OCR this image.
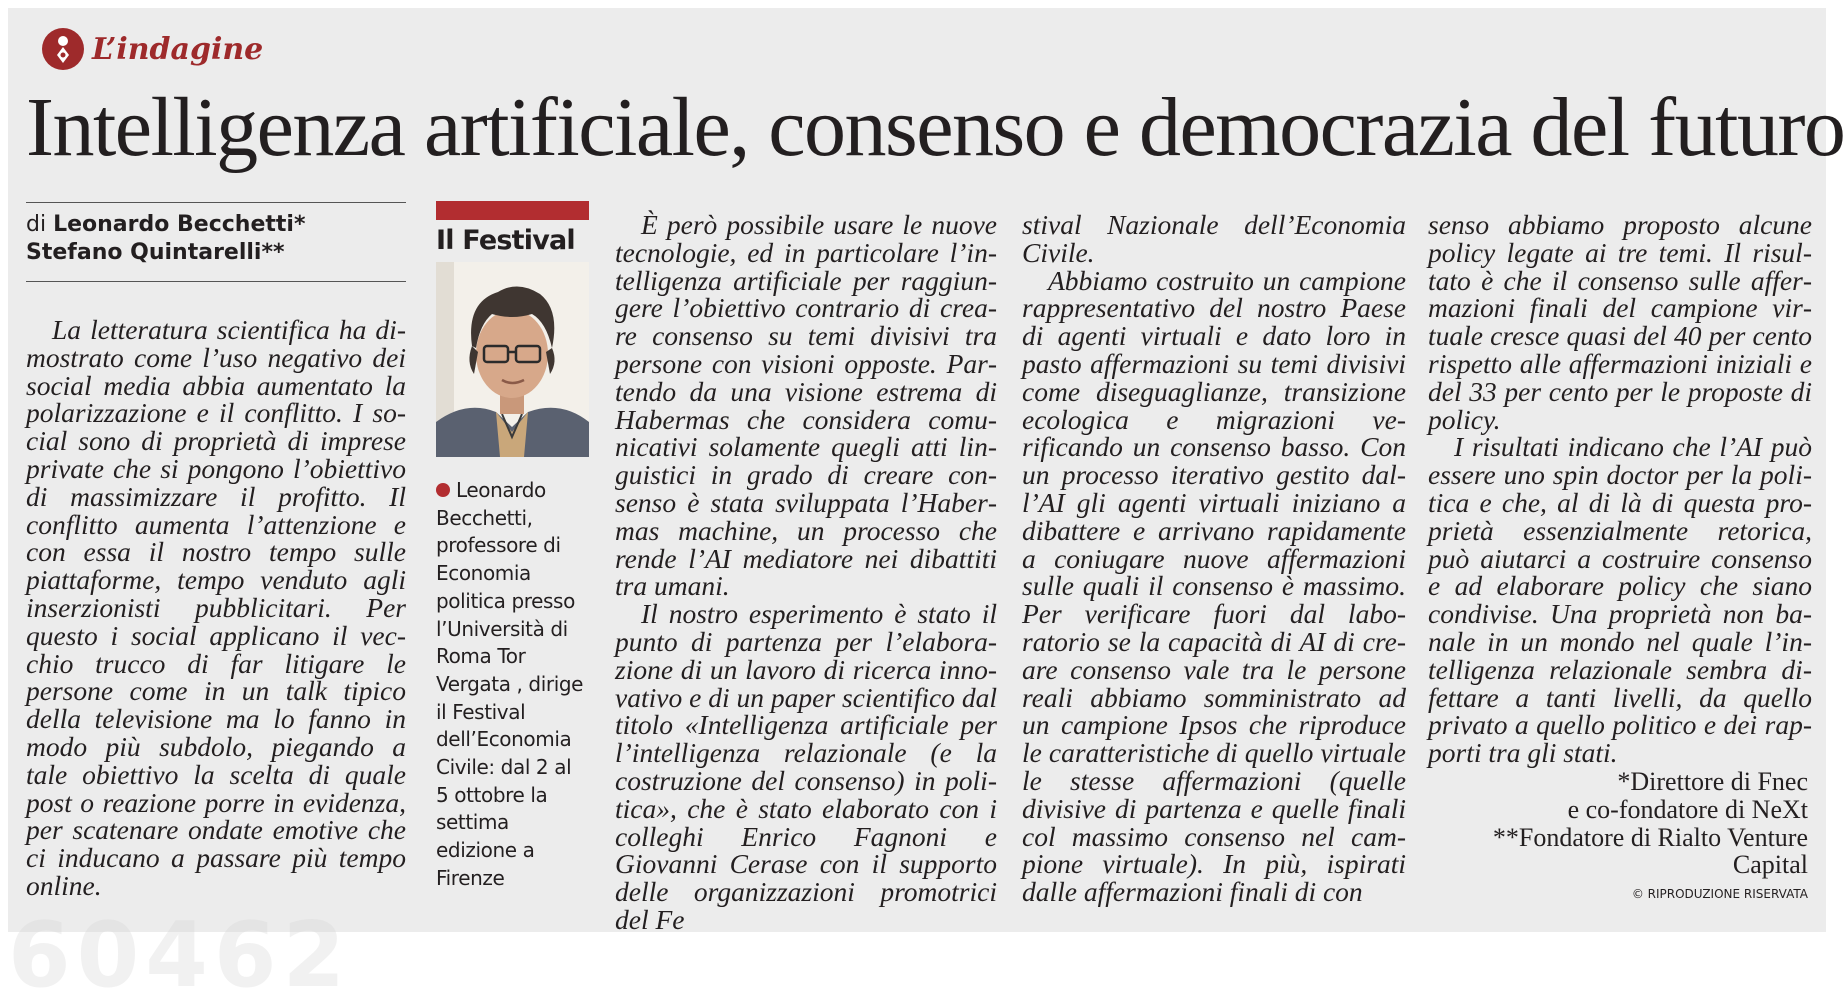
L’indagine
Intelligenza artificiale, consenso e democrazia del futuro
di Leonardo Becchetti*
Stefano Quintarelli**

La letteratura scientifica ha dimostrato come l’uso negativo dei social media abbia aumentato la polarizzazione e il conflitto. I social sono di proprietà di imprese private che si pongono l’obiettivo di massimizzare il profitto. Il conflitto aumenta l’attenzione e con essa il nostro tempo sulle piattaforme, tempo venduto agli inserzionisti pubblicitari. Per questo i social applicano il vecchio trucco di far litigare le persone come in un talk tipico della televisione ma lo fanno in modo più subdolo, piegando a tale obiettivo la scelta di quale post o reazione porre in evidenza, per scatenare ondate emotive che ci inducano a passare più tempo online.

Il Festival
Leonardo Becchetti, professore di Economia politica presso l’Università di Roma Tor Vergata , dirige il Festival dell’Economia Civile: dal 2 al 5 ottobre la settima edizione a Firenze

È però possibile usare le nuove tecnologie, ed in particolare l’intelligenza artificiale per raggiungere l’obiettivo contrario di creare consenso su temi divisivi tra persone con visioni opposte. Partendo da una visione estrema di Habermas che considera comunicativi solamente quegli atti linguistici in grado di creare consenso è stata sviluppata l’Habermas machine, un processo che rende l’AI mediatore nei dibattiti tra umani.

Il nostro esperimento è stato il punto di partenza per l’elaborazione di un lavoro di ricerca innovativo e di un paper scientifico dal titolo «Intelligenza artificiale per l’intelligenza relazionale (e la costruzione del consenso) in politica», che è stato elaborato con i colleghi Enrico Fagnoni e Giovanni Cerase con il supporto delle organizzazioni promotrici del Fe

stival Nazionale dell’Economia Civile.

Abbiamo costruito un campione rappresentativo del nostro Paese di agenti virtuali e dato loro in pasto affermazioni su temi divisivi come diseguaglianze, transizione ecologica e migrazioni verificando un consenso basso. Con un processo iterativo gestito dall’AI gli agenti virtuali iniziano a dibattere e arrivano rapidamente a coniugare nuove affermazioni sulle quali il consenso è massimo. Per verificare fuori dal laboratorio se la capacità di AI di creare consenso vale tra le persone reali abbiamo somministrato ad un campione Ipsos che riproduce le caratteristiche di quello virtuale le stesse affermazioni (quelle divisive di partenza e quelle finali col massimo consenso nel campione virtuale). In più, ispirati dalle affermazioni finali di con

senso abbiamo proposto alcune policy legate ai tre temi. Il risultato è che il consenso sulle affermazioni finali del campione virtuale cresce quasi del 40 per cento rispetto alle affermazioni iniziali e del 33 per cento per le proposte di policy.

I risultati indicano che l’AI può essere uno spin doctor per la politica e che, al di là di questa proprietà essenzialmente retorica, può aiutarci a costruire consenso e ad elaborare policy che siano condivise. Una proprietà non banale in un mondo nel quale l’intelligenza relazionale sembra difettare a tanti livelli, da quello privato a quello politico e dei rapporti tra gli stati.

*Direttore di Fnec
e co-fondatore di NeXt
**Fondatore di Rialto Venture
Capital
© RIPRODUZIONE RISERVATA
60462
